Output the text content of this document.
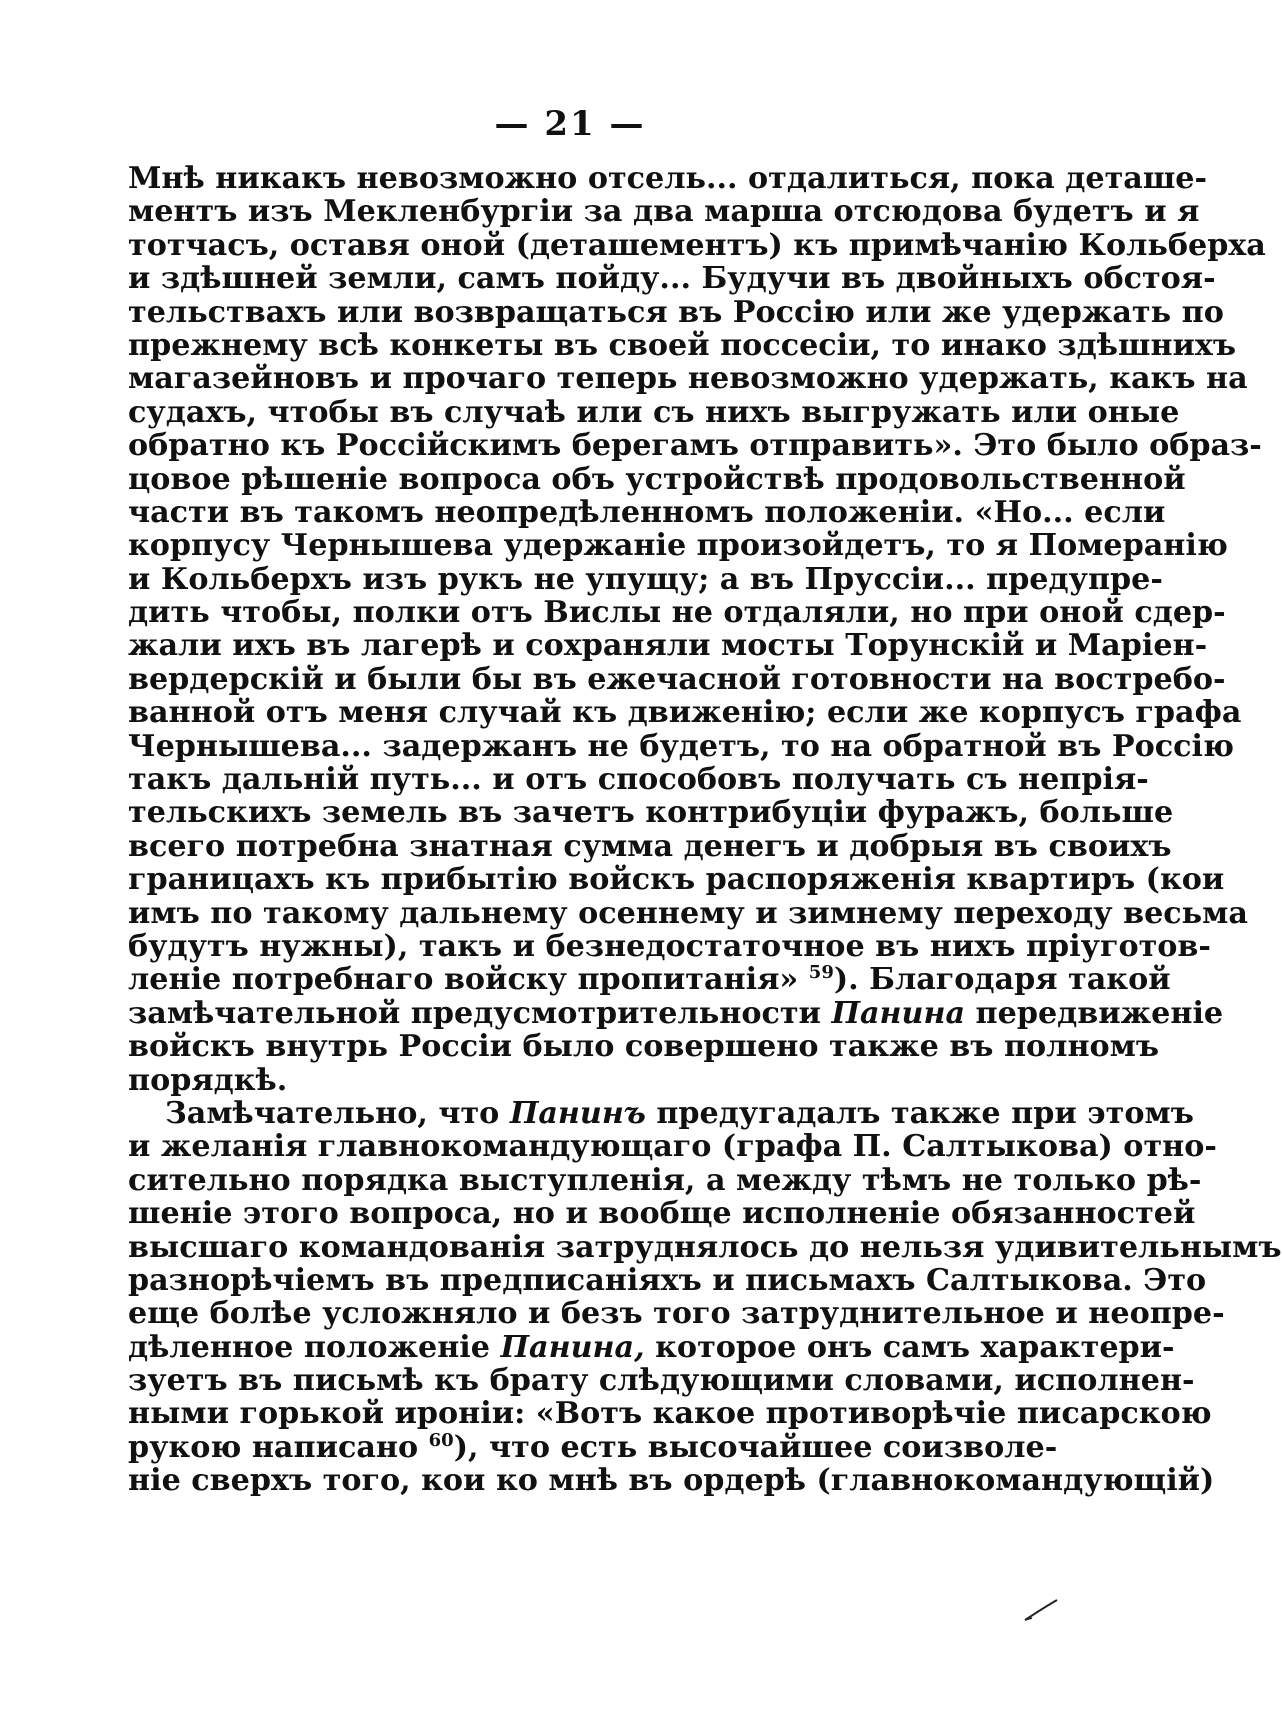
— 21 —
Мнѣ никакъ невозможно отсель... отдалиться, пока деташе-
ментъ изъ Мекленбургіи за два марша отсюдова будетъ и я
тотчасъ, оставя оной (деташементъ) къ примѣчанію Кольберха
и здѣшней земли, самъ пойду... Будучи въ двойныхъ обстоя-
тельствахъ или возвращаться въ Россію или же удержать по
прежнему всѣ конкеты въ своей поссесіи, то инако здѣшнихъ
магазейновъ и прочаго теперь невозможно удержать, какъ на
судахъ, чтобы въ случаѣ или съ нихъ выгружать или оные
обратно къ Россійскимъ берегамъ отправить». Это было образ-
цовое рѣшеніе вопроса объ устройствѣ продовольственной
части въ такомъ неопредѣленномъ положеніи. «Но... если
корпусу Чернышева удержаніе произойдетъ, то я Померанію
и Кольберхъ изъ рукъ не упущу; а въ Пруссіи... предупре-
дить чтобы, полки отъ Вислы не отдаляли, но при оной сдер-
жали ихъ въ лагерѣ и сохраняли мосты Торунскій и Маріен-
вердерскій и были бы въ ежечасной готовности на востребо-
ванной отъ меня случай къ движенію; если же корпусъ графа
Чернышева... задержанъ не будетъ, то на обратной въ Россію
такъ дальній путь... и отъ способовъ получать съ непрія-
тельскихъ земель въ зачетъ контрибуціи фуражъ, больше
всего потребна знатная сумма денегъ и добрыя въ своихъ
границахъ къ прибытію войскъ распоряженія квартиръ (кои
имъ по такому дальнему осеннему и зимнему переходу весьма
будутъ нужны), такъ и безнедостаточное въ нихъ пріуготов-
леніе потребнаго войску пропитанія» $^{59}$). Благодаря такой
замѣчательной предусмотрительности Панина передвиженіе
войскъ внутрь Россіи было совершено также въ полномъ
порядкѣ.
Замѣчательно, что Панинъ предугадалъ также при этомъ
и желанія главнокомандующаго (графа П. Салтыкова) отно-
сительно порядка выступленія, а между тѣмъ не только рѣ-
шеніе этого вопроса, но и вообще исполненіе обязанностей
высшаго командованія затруднялось до нельзя удивительнымъ
разнорѣчіемъ въ предписаніяхъ и письмахъ Салтыкова. Это
еще болѣе усложняло и безъ того затруднительное и неопре-
дѣленное положеніе Панина, которое онъ самъ характери-
зуетъ въ письмѣ къ брату слѣдующими словами, исполнен-
ными горькой ироніи: «Вотъ какое противорѣчіе писарскою
рукою написано $^{60}$), что есть высочайшее соизволе-
ніе сверхъ того, кои ко мнѣ въ ордерѣ (главнокомандующій)
